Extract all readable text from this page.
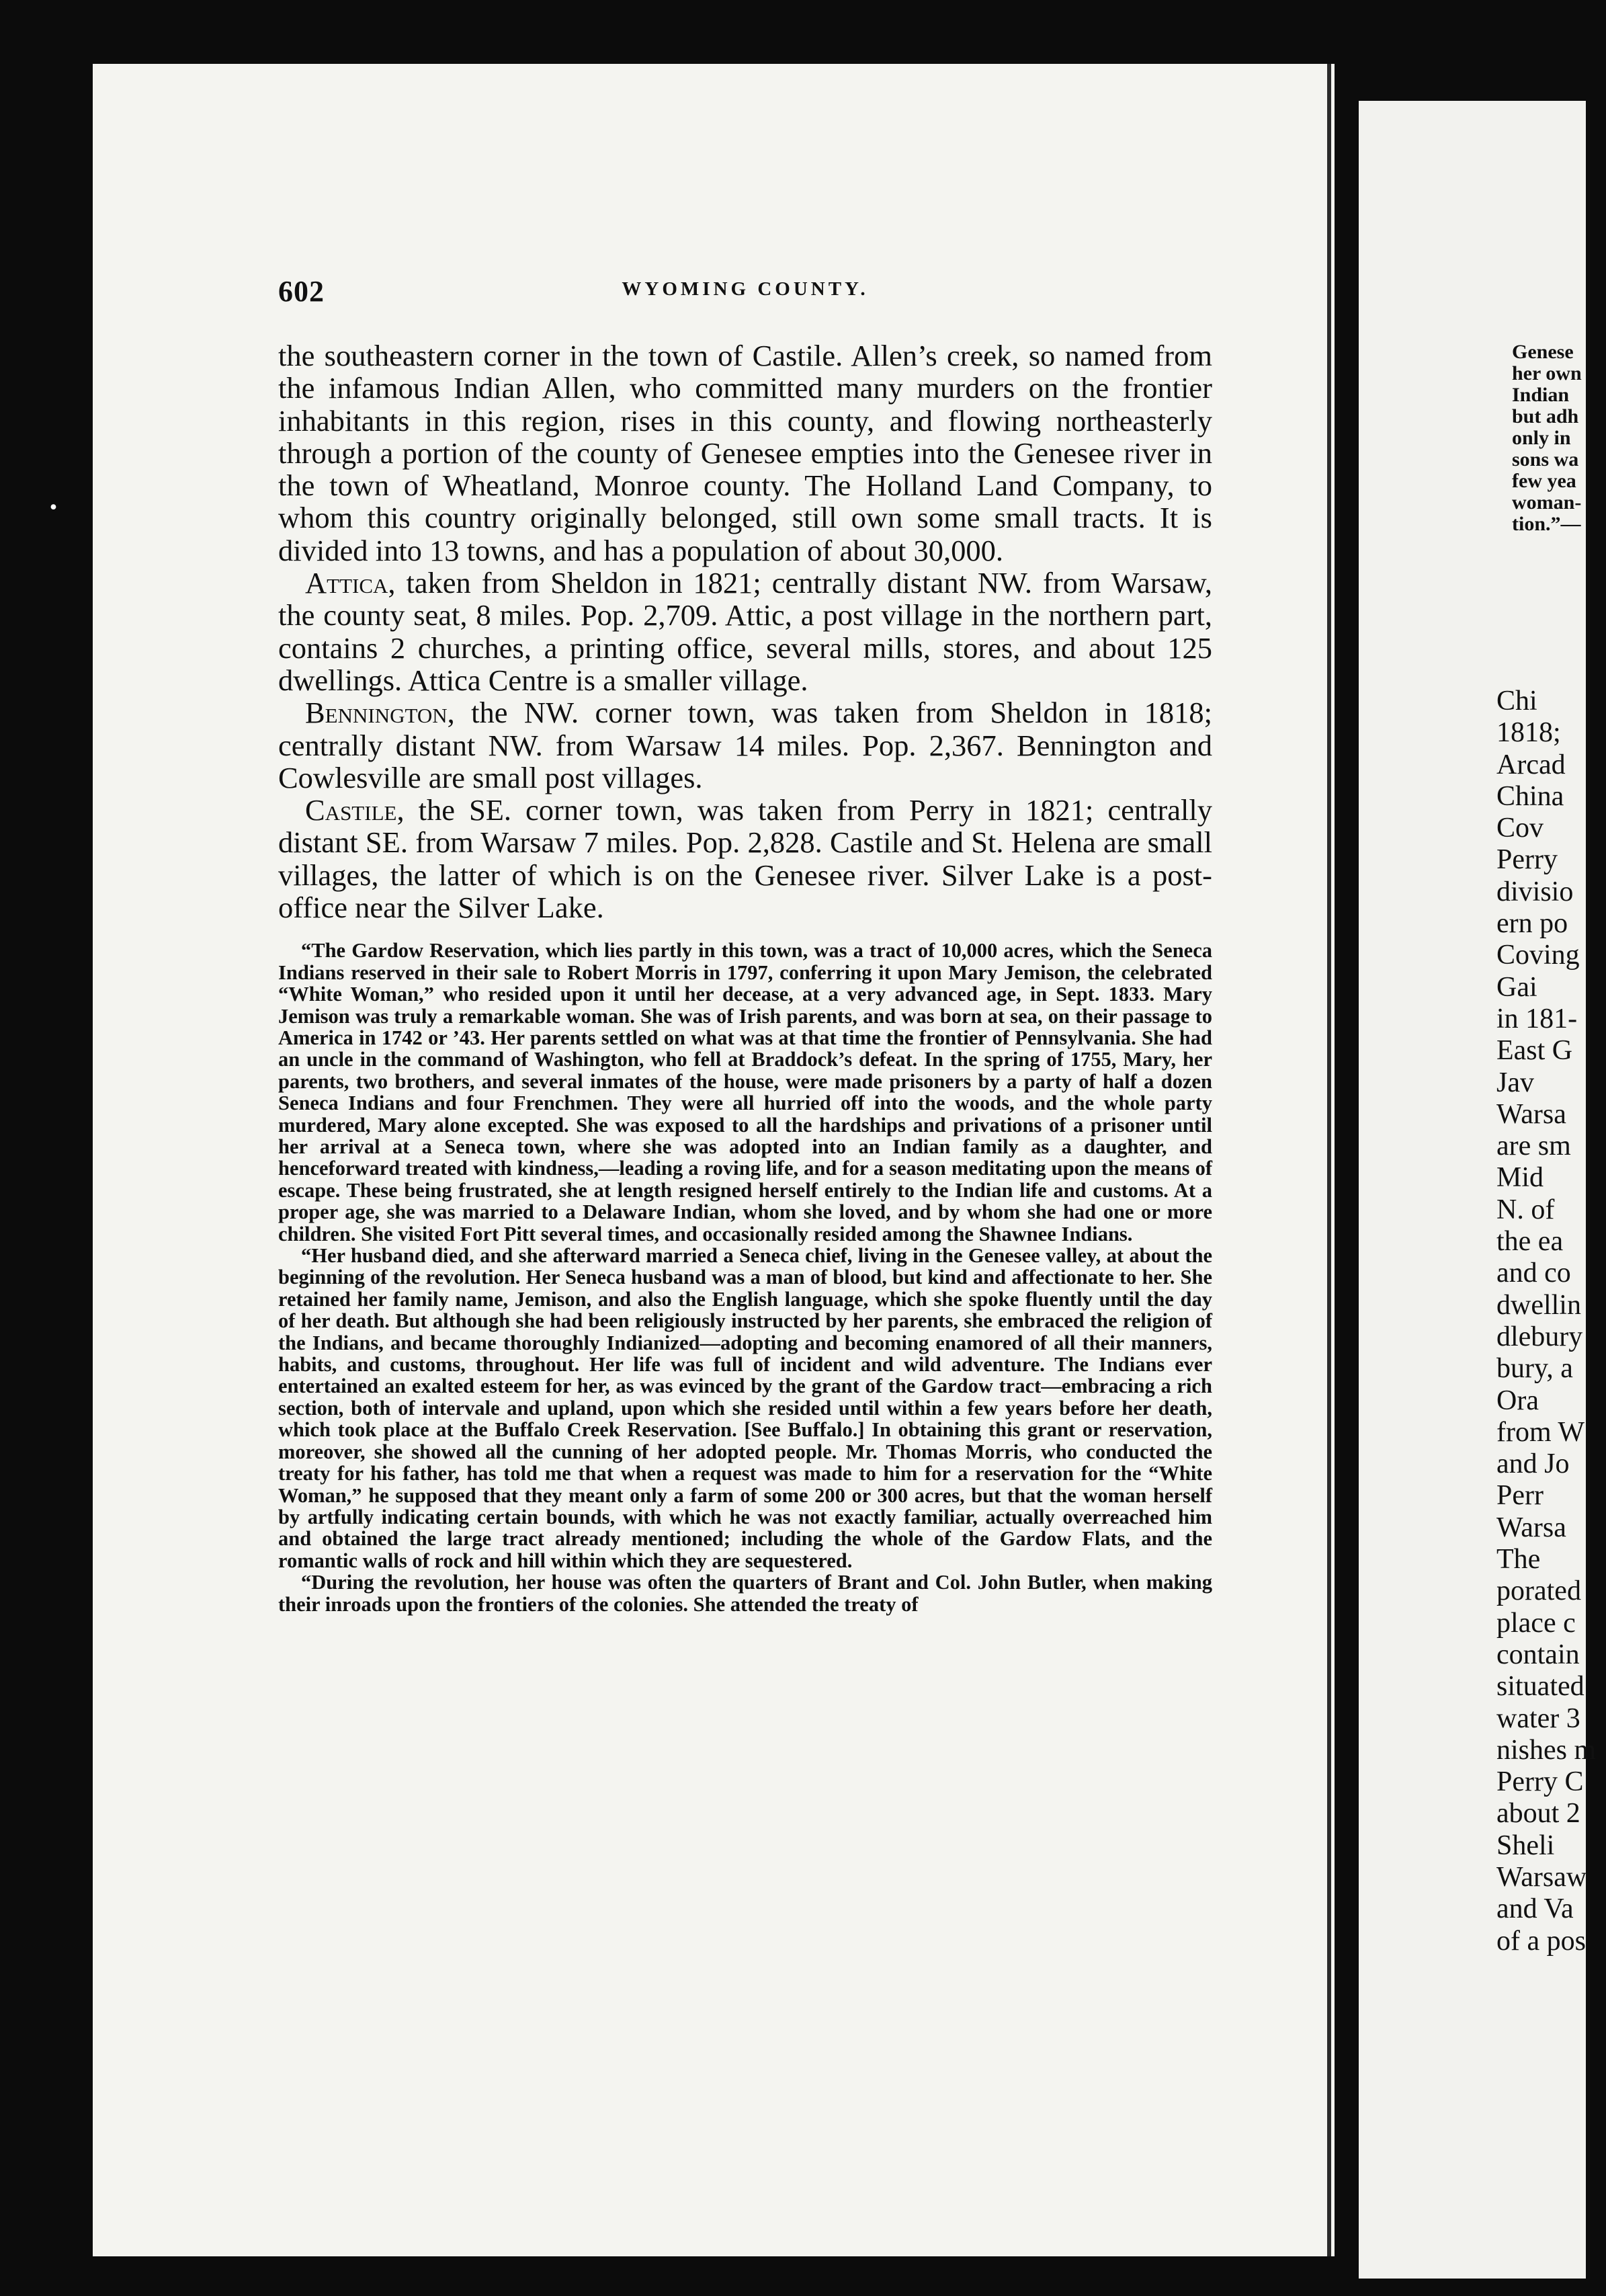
·
602	WYOMING COUNTY.

the southeastern corner in the town of Castile. Allen’s creek, so named from the infamous Indian Allen, who committed many murders on the frontier inhabitants in this region, rises in this county, and flowing northeasterly through a portion of the county of Genesee empties into the Genesee river in the town of Wheatland, Monroe county. The Holland Land Company, to whom this country originally belonged, still own some small tracts. It is divided into 13 towns, and has a population of about 30,000.

Attica, taken from Sheldon in 1821; centrally distant NW. from Warsaw, the county seat, 8 miles. Pop. 2,709. Attic, a post village in the northern part, contains 2 churches, a printing office, several mills, stores, and about 125 dwellings. Attica Centre is a smaller village.

Bennington, the NW. corner town, was taken from Sheldon in 1818; centrally distant NW. from Warsaw 14 miles. Pop. 2,367. Bennington and Cowlesville are small post villages.

Castile, the SE. corner town, was taken from Perry in 1821; centrally distant SE. from Warsaw 7 miles. Pop. 2,828. Castile and St. Helena are small villages, the latter of which is on the Genesee river. Silver Lake is a post-office near the Silver Lake.

“The Gardow Reservation, which lies partly in this town, was a tract of 10,000 acres, which the Seneca Indians reserved in their sale to Robert Morris in 1797, conferring it upon Mary Jemison, the celebrated “White Woman,” who resided upon it until her decease, at a very advanced age, in Sept. 1833. Mary Jemison was truly a remarkable woman. She was of Irish parents, and was born at sea, on their passage to America in 1742 or ’43. Her parents settled on what was at that time the frontier of Pennsylvania. She had an uncle in the command of Washington, who fell at Braddock’s defeat. In the spring of 1755, Mary, her parents, two brothers, and several inmates of the house, were made prisoners by a party of half a dozen Seneca Indians and four Frenchmen. They were all hurried off into the woods, and the whole party murdered, Mary alone excepted. She was exposed to all the hardships and privations of a prisoner until her arrival at a Seneca town, where she was adopted into an Indian family as a daughter, and henceforward treated with kindness,—leading a roving life, and for a season meditating upon the means of escape. These being frustrated, she at length resigned herself entirely to the Indian life and customs. At a proper age, she was married to a Delaware Indian, whom she loved, and by whom she had one or more children. She visited Fort Pitt several times, and occasionally resided among the Shawnee Indians.

“Her husband died, and she afterward married a Seneca chief, living in the Genesee valley, at about the beginning of the revolution. Her Seneca husband was a man of blood, but kind and affectionate to her. She retained her family name, Jemison, and also the English language, which she spoke fluently until the day of her death. But although she had been religiously instructed by her parents, she embraced the religion of the Indians, and became thoroughly Indianized—adopting and becoming enamored of all their manners, habits, and customs, throughout. Her life was full of incident and wild adventure. The Indians ever entertained an exalted esteem for her, as was evinced by the grant of the Gardow tract—embracing a rich section, both of intervale and upland, upon which she resided until within a few years before her death, which took place at the Buffalo Creek Reservation. [See Buffalo.] In obtaining this grant or reservation, moreover, she showed all the cunning of her adopted people. Mr. Thomas Morris, who conducted the treaty for his father, has told me that when a request was made to him for a reservation for the “White Woman,” he supposed that they meant only a farm of some 200 or 300 acres, but that the woman herself by artfully indicating certain bounds, with which he was not exactly familiar, actually overreached him and obtained the large tract already mentioned; including the whole of the Gardow Flats, and the romantic walls of rock and hill within which they are sequestered.

“During the revolution, her house was often the quarters of Brant and Col. John Butler, when making their inroads upon the frontiers of the colonies. She attended the treaty of

Genese
her own
Indian
but adh
only in
sons wa
few yea
woman-
tion.”—
Chi
1818;
Arcad
China
Cov
Perry
divisio
ern po
Coving
Gai
in 181-
East G
Jav
Warsa
are sm
Mid
N. of
the ea
and co
dwellin
dlebury
bury, a
Ora
from W
and Jo
Perr
Warsa
The
porated
place c
contain
situated
water 3
nishes m
Perry C
about 2
Sheli
Warsaw
and Va
of a pos
